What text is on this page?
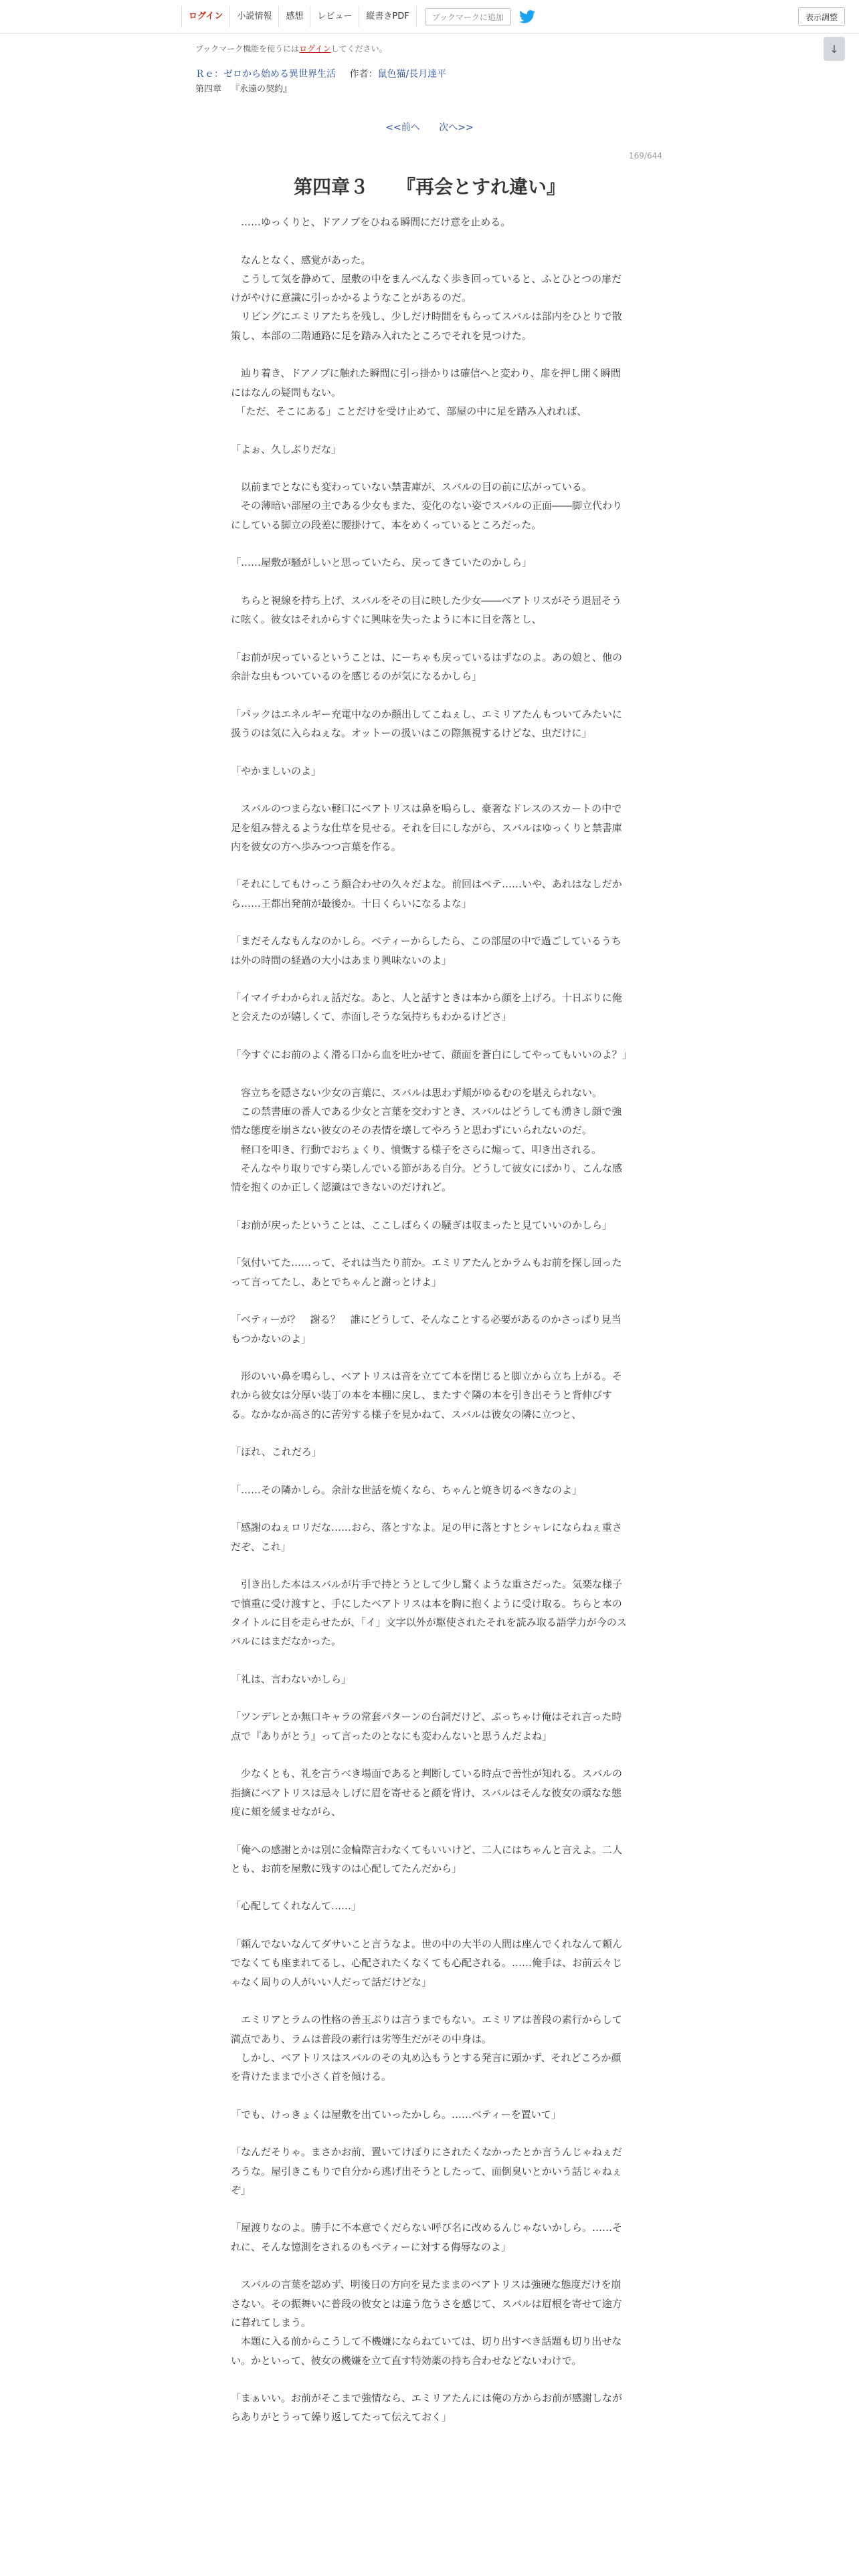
ログイン	小説情報	感想	レビュー	縦書きPDF	ブックマークに追加	表示調整
↓
ブックマーク機能を使うにはログインしてください。
Ｒｅ：ゼロから始める異世界生活 作者：鼠色猫/長月達平
第四章 『永遠の契約』
<<前へ 次へ>>
169/644
第四章３　　『再会とすれ違い』

　……ゆっくりと、ドアノブをひねる瞬間にだけ意を止める。

　なんとなく、感覚があった。

　こうして気を静めて、屋敷の中をまんべんなく歩き回っていると、ふとひとつの扉だけがやけに意識に引っかかるようなことがあるのだ。

　リビングにエミリアたちを残し、少しだけ時間をもらってスバルは部内をひとりで散策し、本部の二階通路に足を踏み入れたところでそれを見つけた。

　辿り着き、ドアノブに触れた瞬間に引っ掛かりは確信へと変わり、扉を押し開く瞬間にはなんの疑問もない。

　「ただ、そこにある」ことだけを受け止めて、部屋の中に足を踏み入れれば、

「よぉ、久しぶりだな」

　以前までとなにも変わっていない禁書庫が、スバルの目の前に広がっている。

　その薄暗い部屋の主である少女もまた、変化のない姿でスバルの正面――脚立代わりにしている脚立の段差に腰掛けて、本をめくっているところだった。

「……屋敷が騒がしいと思っていたら、戻ってきていたのかしら」

　ちらと視線を持ち上げ、スバルをその目に映した少女――ベアトリスがそう退屈そうに呟く。彼女はそれからすぐに興味を失ったように本に目を落とし、

「お前が戻っているということは、にーちゃも戻っているはずなのよ。あの娘と、他の余計な虫もついているのを感じるのが気になるかしら」

「パックはエネルギー充電中なのか顔出してこねぇし、エミリアたんもついてみたいに扱うのは気に入らねぇな。オットーの扱いはこの際無視するけどな、虫だけに」

「やかましいのよ」

　スバルのつまらない軽口にベアトリスは鼻を鳴らし、豪奢なドレスのスカートの中で足を組み替えるような仕草を見せる。それを目にしながら、スバルはゆっくりと禁書庫内を彼女の方へ歩みつつ言葉を作る。

「それにしてもけっこう顔合わせの久々だよな。前回はペテ……いや、あれはなしだから……王都出発前が最後か。十日くらいになるよな」

「まだそんなもんなのかしら。ベティーからしたら、この部屋の中で過ごしているうちは外の時間の経過の大小はあまり興味ないのよ」

「イマイチわかられぇ話だな。あと、人と話すときは本から顔を上げろ。十日ぶりに俺と会えたのが嬉しくて、赤面しそうな気持ちもわかるけどさ」

「今すぐにお前のよく滑る口から血を吐かせて、顔面を蒼白にしてやってもいいのよ？」

　容立ちを隠さない少女の言葉に、スバルは思わず頬がゆるむのを堪えられない。

　この禁書庫の番人である少女と言葉を交わすとき、スバルはどうしても湧きし顔で強情な態度を崩さない彼女のその表情を壊してやろうと思わずにいられないのだ。

　軽口を叩き、行動でおちょくり、憤慨する様子をさらに煽って、叩き出される。

　そんなやり取りですら楽しんでいる節がある自分。どうして彼女にばかり、こんな感情を抱くのか正しく認識はできないのだけれど。

「お前が戻ったということは、ここしばらくの騒ぎは収まったと見ていいのかしら」

「気付いてた……って、それは当たり前か。エミリアたんとかラムもお前を探し回ったって言ってたし、あとでちゃんと謝っとけよ」

「ベティーが？　謝る？　誰にどうして、そんなことする必要があるのかさっぱり見当もつかないのよ」

　形のいい鼻を鳴らし、ベアトリスは音を立てて本を閉じると脚立から立ち上がる。それから彼女は分厚い装丁の本を本棚に戻し、またすぐ隣の本を引き出そうと背伸びする。なかなか高さ的に苦労する様子を見かねて、スバルは彼女の隣に立つと、

「ほれ、これだろ」

「……その隣かしら。余計な世話を焼くなら、ちゃんと焼き切るべきなのよ」

「感謝のねぇロリだな……おら、落とすなよ。足の甲に落とすとシャレにならねぇ重さだぞ、これ」

　引き出した本はスバルが片手で持とうとして少し驚くような重さだった。気楽な様子で慎重に受け渡すと、手にしたベアトリスは本を胸に抱くように受け取る。ちらと本のタイトルに目を走らせたが、「イ」文字以外が駆使されたそれを読み取る語学力が今のスバルにはまだなかった。

「礼は、言わないかしら」

「ツンデレとか無口キャラの常套パターンの台詞だけど、ぶっちゃけ俺はそれ言った時点で『ありがとう』って言ったのとなにも変わんないと思うんだよね」

　少なくとも、礼を言うべき場面であると判断している時点で善性が知れる。スバルの指摘にベアトリスは忌々しげに眉を寄せると顔を背け、スバルはそんな彼女の頑なな態度に頬を緩ませながら、

「俺への感謝とかは別に金輪際言わなくてもいいけど、二人にはちゃんと言えよ。二人とも、お前を屋敷に残すのは心配してたんだから」

「心配してくれなんて……」

「頼んでないなんてダサいこと言うなよ。世の中の大半の人間は座んでくれなんて頼んでなくても座まれてるし、心配されたくなくても心配される。……俺手は、お前云々じゃなく周りの人がいい人だって話だけどな」

　エミリアとラムの性格の善玉ぶりは言うまでもない。エミリアは普段の素行からして満点であり、ラムは普段の素行は劣等生だがその中身は。

　しかし、ベアトリスはスバルのその丸め込もうとする発言に頭かず、それどころか顔を背けたままで小さく首を傾ける。

「でも、けっきょくは屋敷を出ていったかしら。……ベティーを置いて」

「なんだそりゃ。まさかお前、置いてけぼりにされたくなかったとか言うんじゃねぇだろうな。屋引きこもりで自分から逃げ出そうとしたって、面倒臭いとかいう話じゃねぇぞ」

「屋渡りなのよ。勝手に不本意でくだらない呼び名に改めるんじゃないかしら。……それに、そんな憶測をされるのもベティーに対する侮辱なのよ」

　スバルの言葉を認めず、明後日の方向を見たままのベアトリスは強硬な態度だけを崩さない。その振舞いに普段の彼女とは違う危うさを感じて、スバルは眉根を寄せて途方に暮れてしまう。

　本題に入る前からこうして不機嫌にならねていては、切り出すべき話題も切り出せない。かといって、彼女の機嫌を立て直す特効薬の持ち合わせなどないわけで。

「まぁいい。お前がそこまで強情なら、エミリアたんには俺の方からお前が感謝しながらありがとうって繰り返してたって伝えておく」
